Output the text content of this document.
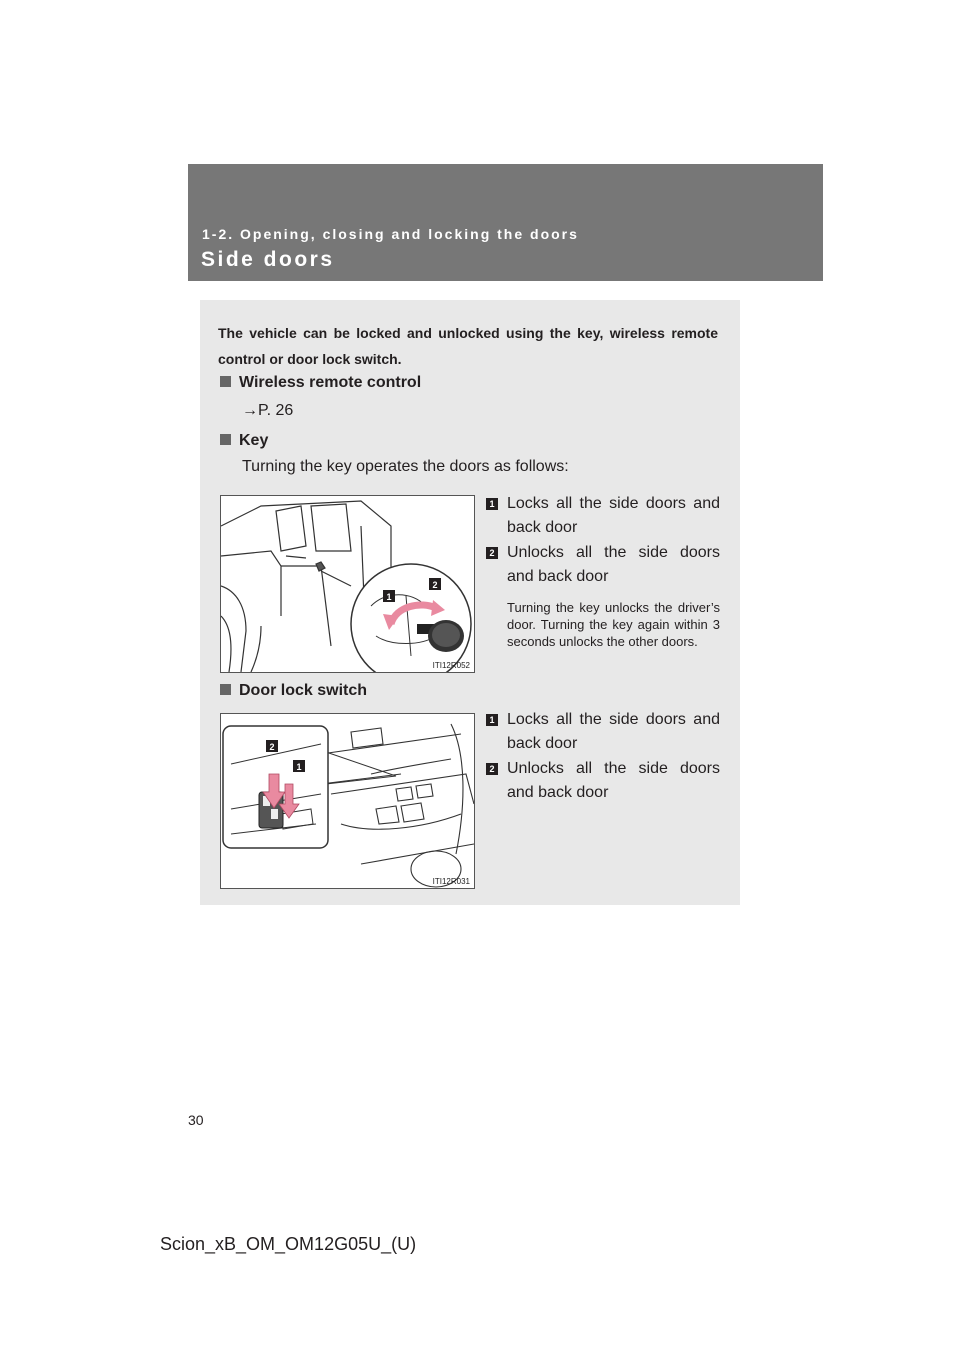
1-2. Opening, closing and locking the doors
Side doors
The vehicle can be locked and unlocked using the key, wireless remote control or door lock switch.
Wireless remote control
→P. 26
Key
Turning the key operates the doors as follows:
1
2
ITI12R052
1 Locks all the side doors and back door
2 Unlocks all the side doors and back door
Turning the key unlocks the driver’s door. Turning the key again within 3 seconds unlocks the other doors.
Door lock switch
2
1
ITI12R031
1 Locks all the side doors and back door
2 Unlocks all the side doors and back door
30
Scion_xB_OM_OM12G05U_(U)
